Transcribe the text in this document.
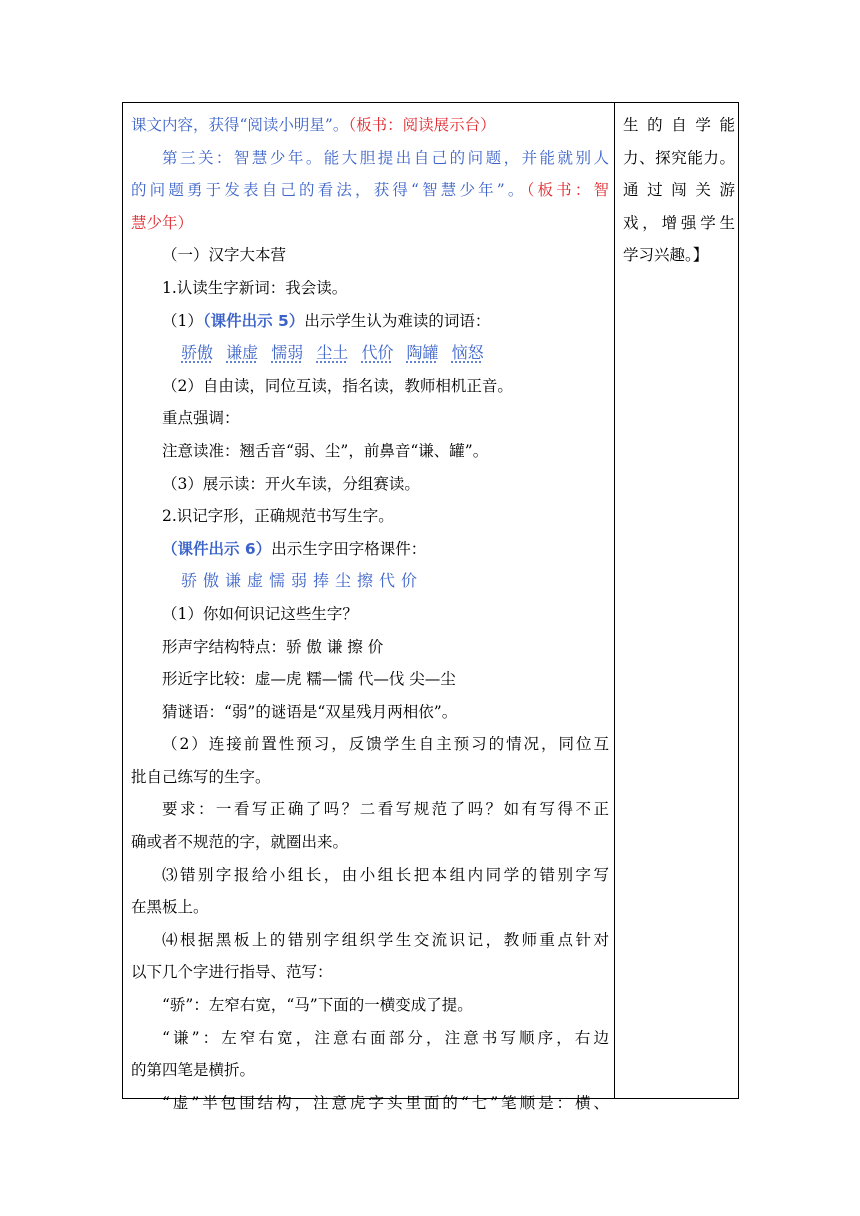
课文内容，获得“阅读小明星”。（板书：阅读展示台）
第三关：智慧少年。能大胆提出自己的问题，并能就别人
的问题勇于发表自己的看法，获得“智慧少年”。（板书：智
慧少年）
（一）汉字大本营
1.认读生字新词：我会读。
（1）（课件出示 5）出示学生认为难读的词语：
骄傲 谦虚 懦弱 尘土 代价 陶罐 恼怒
（2）自由读，同位互读，指名读，教师相机正音。
重点强调：
注意读准：翘舌音“弱、尘”，前鼻音“谦、罐”。
（3）展示读：开火车读，分组赛读。
2.识记字形，正确规范书写生字。
（课件出示 6）出示生字田字格课件：
骄傲谦虚懦弱捧尘擦代价
（1）你如何识记这些生字？
形声字结构特点：骄 傲 谦 擦 价
形近字比较：虚—虎 糯—懦 代—伐 尖—尘
猜谜语：“弱”的谜语是“双星残月两相依”。
（2）连接前置性预习，反馈学生自主预习的情况，同位互
批自己练写的生字。
要求：一看写正确了吗？二看写规范了吗？如有写得不正
确或者不规范的字，就圈出来。
⑶错别字报给小组长，由小组长把本组内同学的错别字写
在黑板上。
⑷根据黑板上的错别字组织学生交流识记，教师重点针对
以下几个字进行指导、范写：
“骄”：左窄右宽，“马”下面的一横变成了提。
“谦”：左窄右宽，注意右面部分，注意书写顺序，右边
的第四笔是横折。
“虚”半包围结构，注意虎字头里面的“七”笔顺是：横、
生的自学能
力、探究能力。
通过闯关游
戏，增强学生
学习兴趣。】
